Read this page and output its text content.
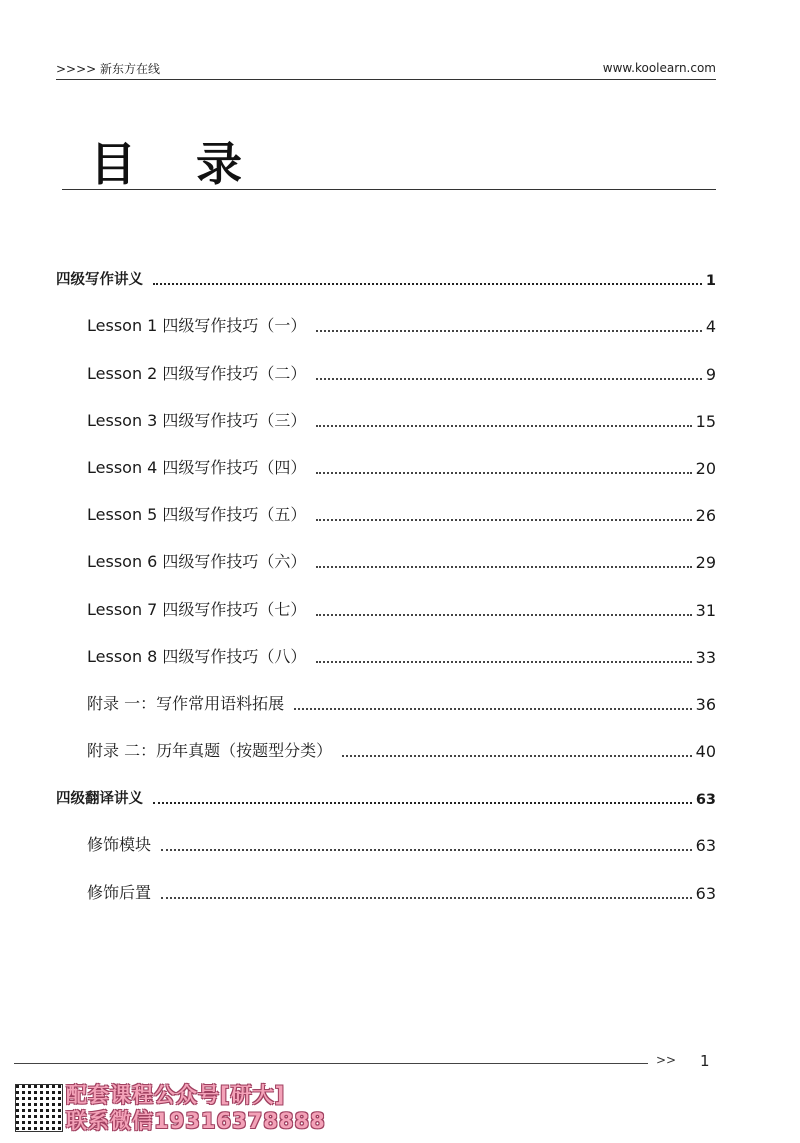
>>>> 新东方在线	www.koolearn.com
目 录
四级写作讲义	1
Lesson 1 四级写作技巧（一）	4
Lesson 2 四级写作技巧（二）	9
Lesson 3 四级写作技巧（三）	15
Lesson 4 四级写作技巧（四）	20
Lesson 5 四级写作技巧（五）	26
Lesson 6 四级写作技巧（六）	29
Lesson 7 四级写作技巧（七）	31
Lesson 8 四级写作技巧（八）	33
附录 一：写作常用语料拓展	36
附录 二：历年真题（按题型分类）	40
四级翻译讲义	63
修饰模块	63
修饰后置	63
>> 1
配套课程公众号[研大]
联系微信19316378888
